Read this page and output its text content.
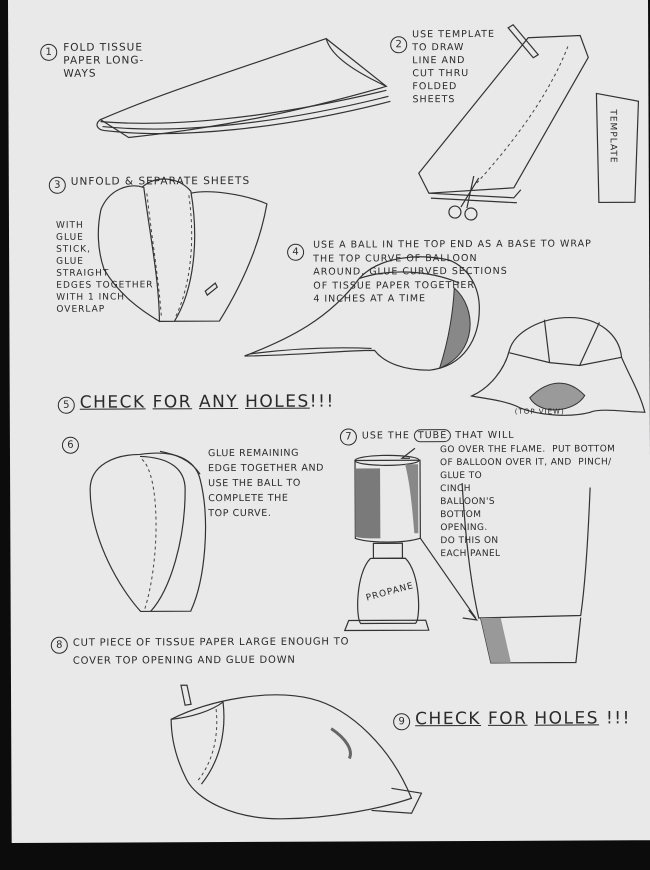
1	FOLD TISSUE
PAPER LONG-
WAYS
2
USE TEMPLATE
TO DRAW
LINE AND
CUT THRU
FOLDED
SHEETS
TEMPLATE
3 UNFOLD & SEPARATE SHEETS
WITH
GLUE
STICK,
GLUE
STRAIGHT
EDGES TOGETHER
WITH 1 INCH
OVERLAP
4
USE A BALL IN THE TOP END AS A BASE TO WRAP
THE TOP CURVE OF BALLOON
AROUND. GLUE CURVED SECTIONS
OF TISSUE PAPER TOGETHER
4 INCHES AT A TIME
(TOP VIEW)
5 CHECK FOR ANY HOLES!!!
6
GLUE REMAINING
EDGE TOGETHER AND
USE THE BALL TO
COMPLETE THE
TOP CURVE.
7	USE THE TUBE THAT WILL
GO OVER THE FLAME.  PUT BOTTOM
OF BALLOON OVER IT, AND  PINCH/
GLUE TO
CINCH
BALLOON'S
BOTTOM
OPENING.
DO THIS ON
EACH PANEL
PROPANE
8	CUT PIECE OF TISSUE PAPER LARGE ENOUGH TO
COVER TOP OPENING AND GLUE DOWN
9 CHECK FOR HOLES !!!
